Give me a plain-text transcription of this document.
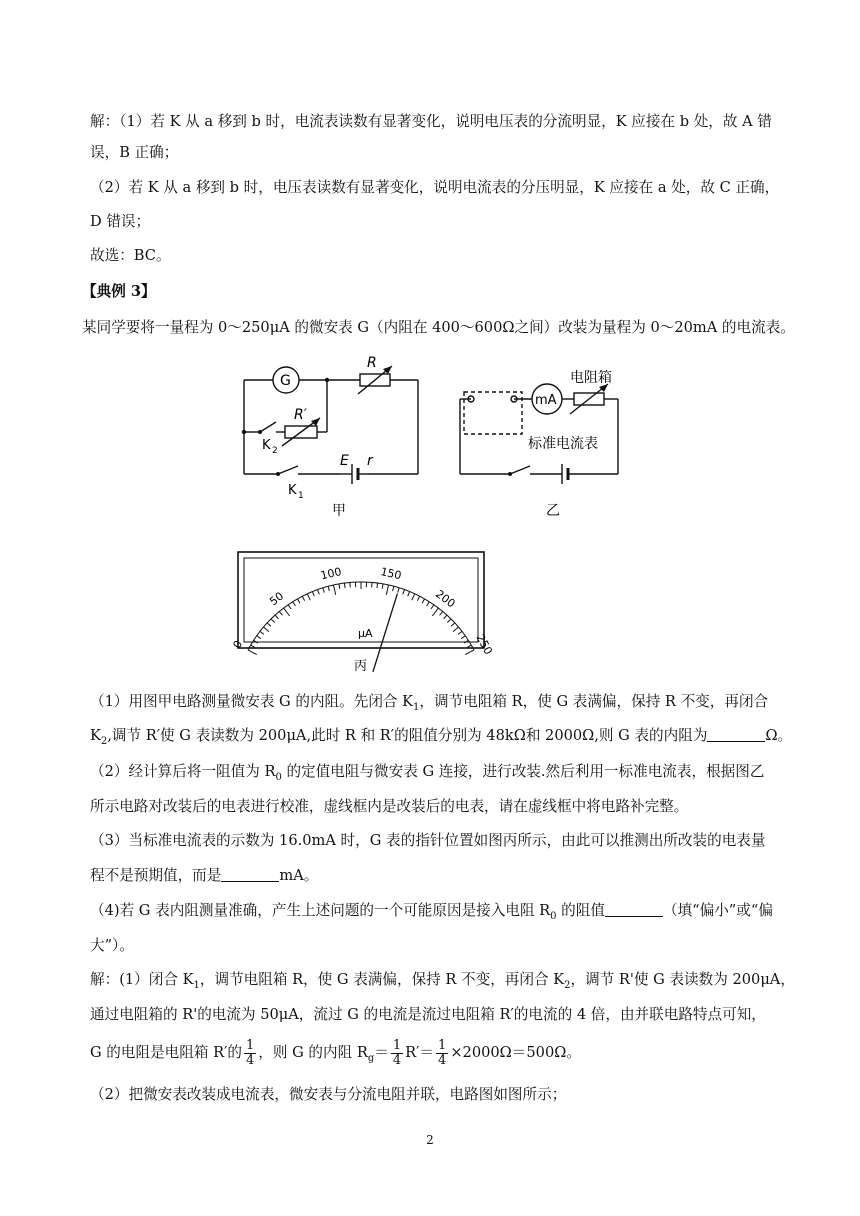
解：（1）若 K 从 a 移到 b 时，电流表读数有显著变化，说明电压表的分流明显，K 应接在 b 处，故 A 错
误，B 正确；
（2）若 K 从 a 移到 b 时，电压表读数有显著变化，说明电流表的分压明显，K 应接在 a 处，故 C 正确，
D 错误；
故选：BC。
【典例 3】
某同学要将一量程为 0～250μA 的微安表 G（内阻在 400～600Ω之间）改装为量程为 0～20mA 的电流表。
G
R
R′
K 2
K 1
E r
甲
mA
电阻箱
标准电流表
乙
0
50
100	150
200
250
μA
丙
（1）用图甲电路测量微安表 G 的内阻。先闭合 $K_1$，调节电阻箱 R，使 G 表满偏，保持 R 不变，再闭合
$K_2$,调节 R′使 G 表读数为 200μA,此时 R 和 R′的阻值分别为 48kΩ和 2000Ω,则 G 表的内阻为	Ω。
（2）经计算后将一阻值为 $R_0$ 的定值电阻与微安表 G 连接，进行改装.然后利用一标准电流表，根据图乙
所示电路对改装后的电表进行校准，虚线框内是改装后的电表，请在虚线框中将电路补完整。
（3）当标准电流表的示数为 16.0mA 时，G 表的指针位置如图丙所示，由此可以推测出所改装的电表量
程不是预期值，而是	mA。
（4)若 G 表内阻测量准确，产生上述问题的一个可能原因是接入电阻 $R_0$ 的阻值	（填“偏小”或“偏
大”）。
解：(1）闭合 $K_1$，调节电阻箱 R，使 G 表满偏，保持 R 不变，再闭合 $K_2$，调节 R'使 G 表读数为 200μA，
通过电阻箱的 R'的电流为 50μA，流过 G 的电流是流过电阻箱 R′的电流的 4 倍，由并联电路特点可知，
G 的电阻是电阻箱 R′的 $\frac{1}{4}$ ，则 G 的内阻 $R_g= \frac{1}{4} R'= \frac{1}{4} \times 2000\Omega=500\Omega$。
（2）把微安表改装成电流表，微安表与分流电阻并联，电路图如图所示；
2
